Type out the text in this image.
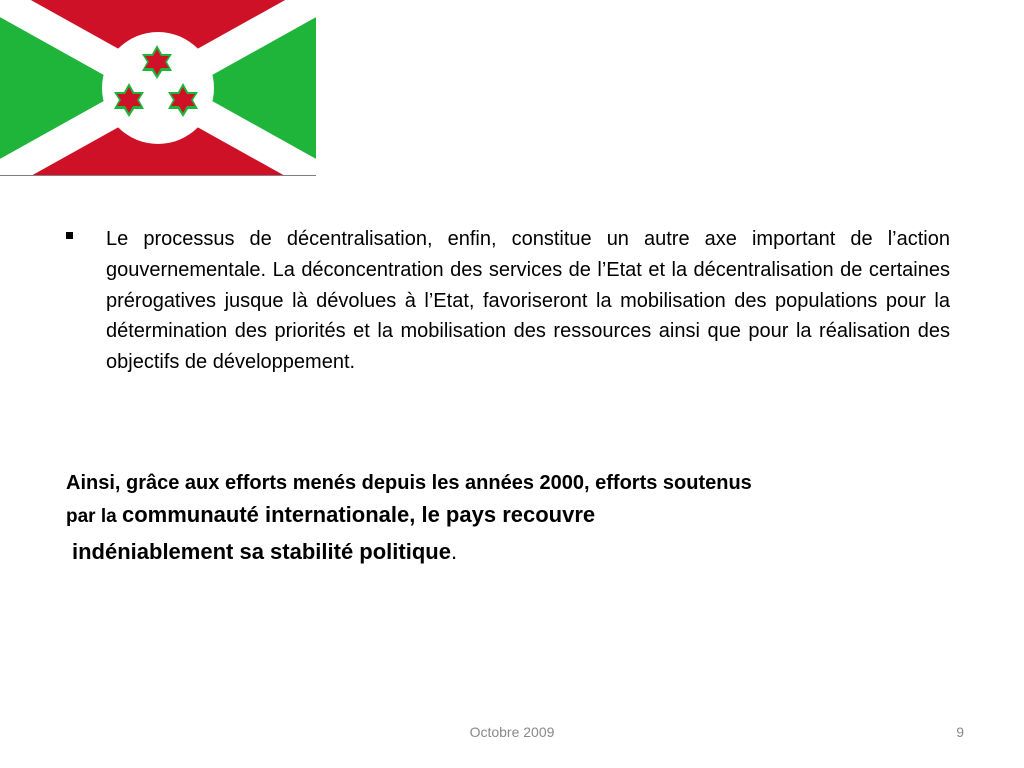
Le processus de décentralisation, enfin, constitue un autre axe important de l’action gouvernementale. La déconcentration des services de l’Etat et la décentralisation de certaines prérogatives jusque là dévolues à l’Etat, favoriseront la mobilisation des populations pour la détermination des priorités et la mobilisation des ressources ainsi que pour la réalisation des objectifs de développement.
Ainsi, grâce aux efforts menés depuis les années 2000, efforts soutenus
par la communauté internationale, le pays recouvre
indéniablement sa stabilité politique.
Octobre 2009	9
